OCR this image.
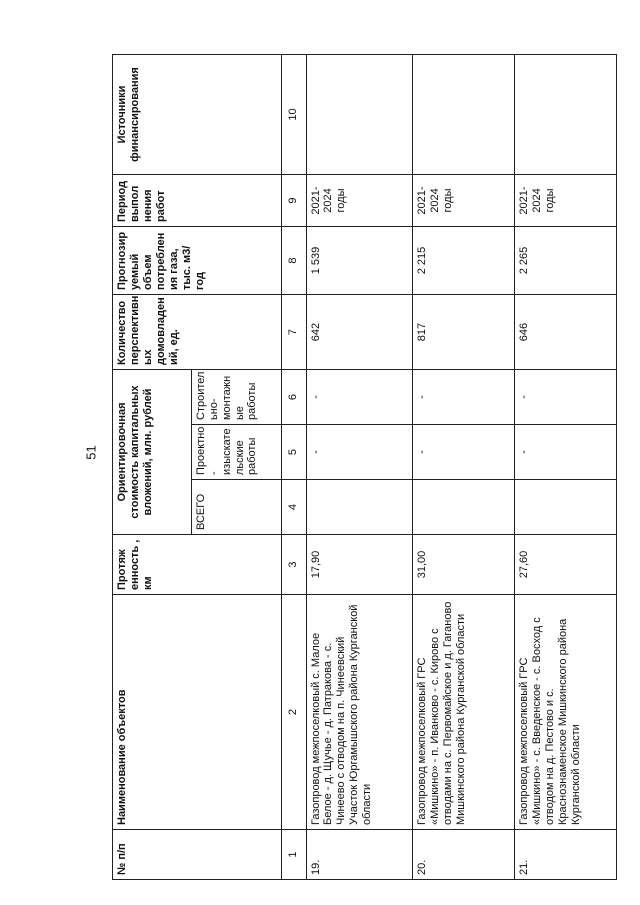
51
№ п/п	Наименование объектов	Протяж енность , км	Ориентировочная стоимость капитальных вложений, млн. рублей			Количество перспективн ых домовладен ий, ед.	Прогнозир уемый объем потреблен ия газа, тыс. м3/год	Период выпол нения работ	Источники финансирования
			ВСЕГО	Проектно - изыскате льские работы	Строител ьно- монтажн ые работы				
1	2	3	4	5	6	7	8	9	10
19.	Газопровод межпоселковый с. Малое Белое - д. Щучье - д. Патракова - с. Чинеево с отводом на п. Чинеевский Участок Юргамышского района Курганской области	17,90		-	-	642	1 539	2021-2024 годы	
20.	Газопровод межпоселковый ГРС «Мишкино» - п. Иванково - с. Кирово с отводами на с. Первомайское и д. Гаганово Мишкинского района Курганской области	31,00		-	-	817	2 215	2021-2024 годы	
21.	Газопровод межпоселковый ГРС «Мишкино» - с. Введенское - с. Восход с отводом на д. Пестово и с. Краснознаменское Мишкинского района Курганской области	27,60		-	-	646	2 265	2021-2024 годы	
